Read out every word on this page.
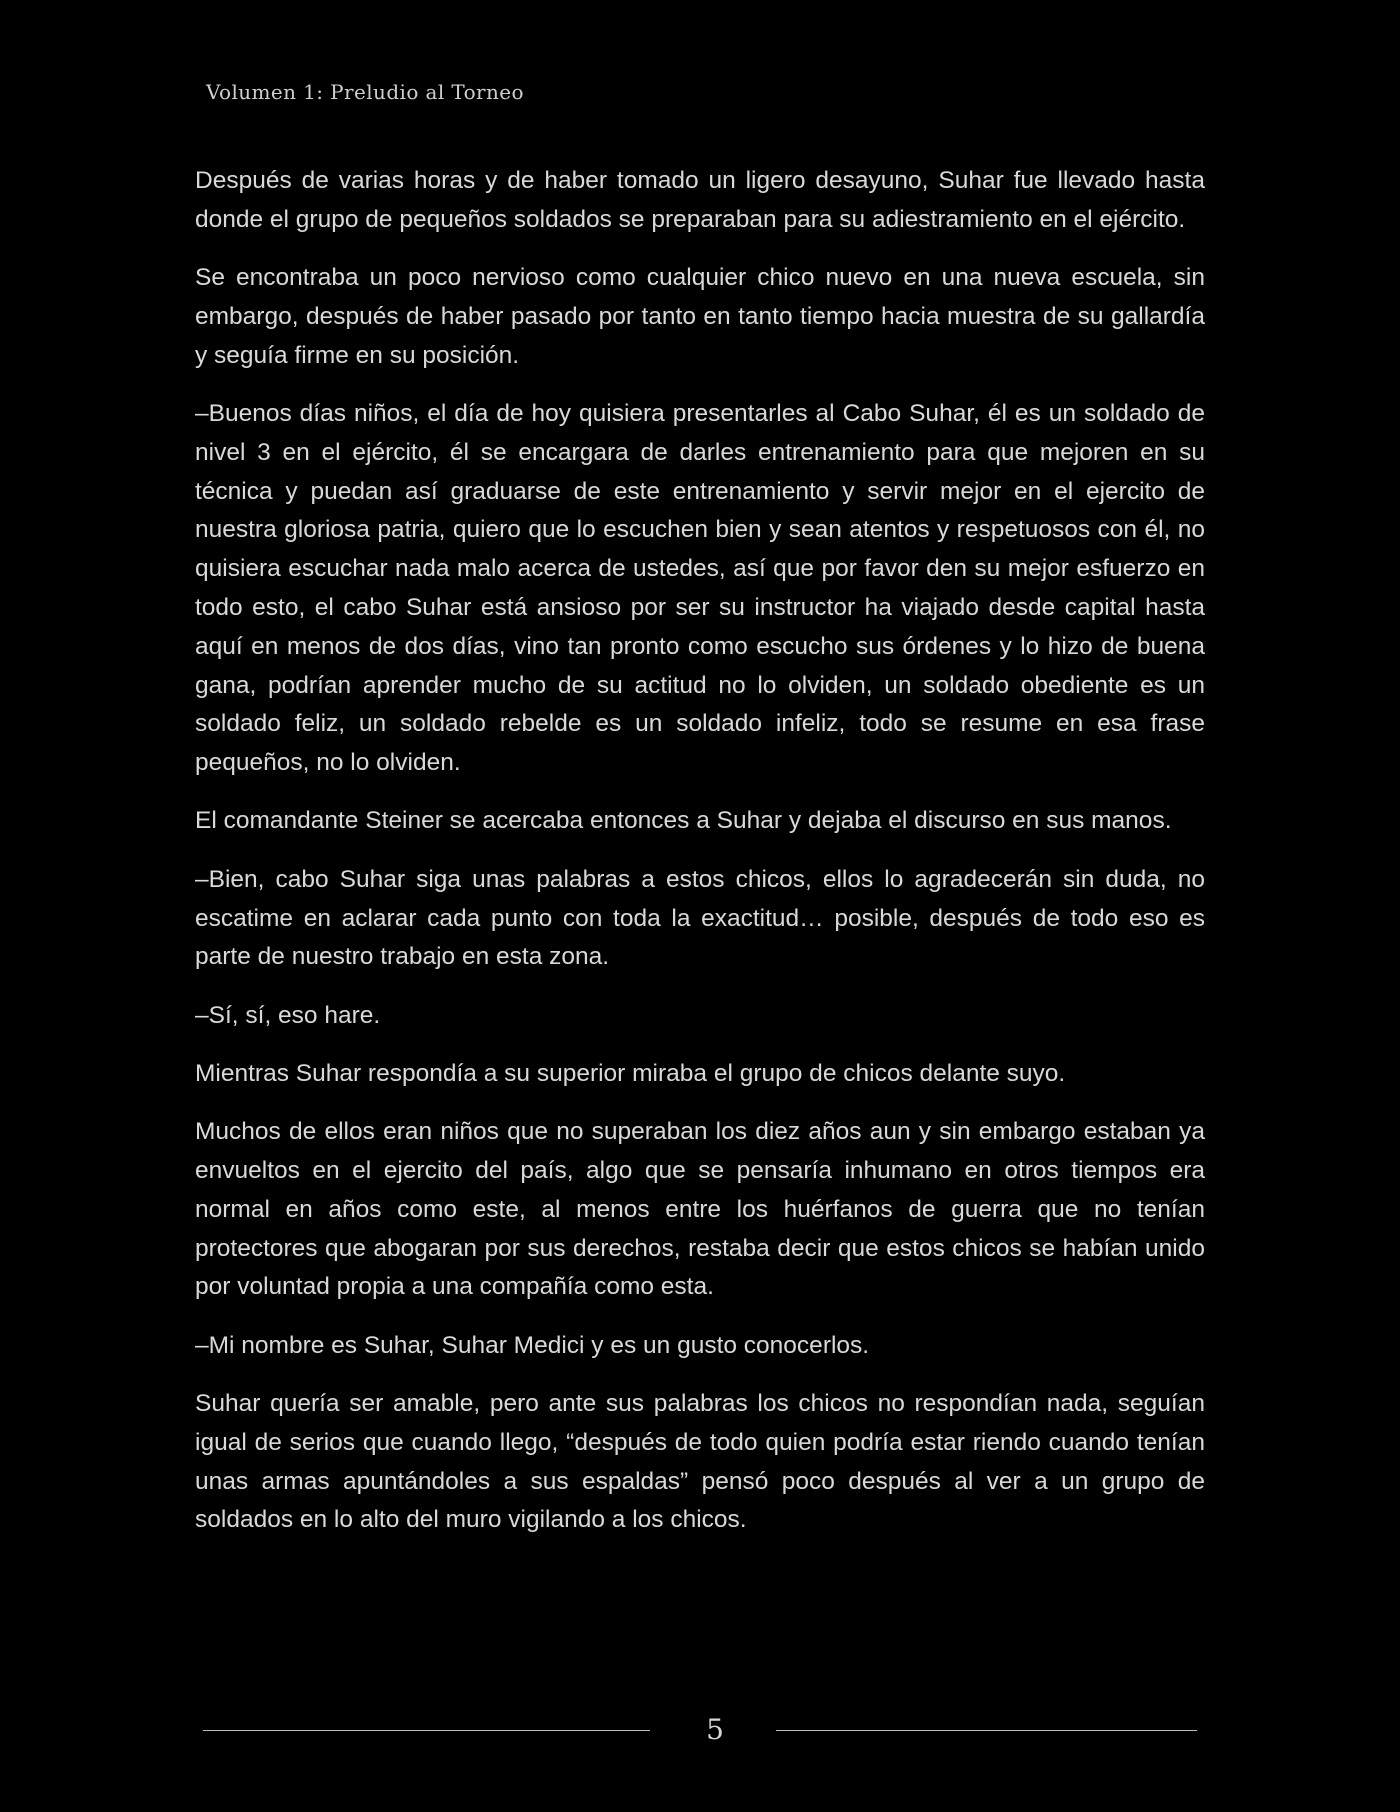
Volumen 1: Preludio al Torneo

Después de varias horas y de haber tomado un ligero desayuno, Suhar fue llevado hasta donde el grupo de pequeños soldados se preparaban para su adiestramiento en el ejército.

Se encontraba un poco nervioso como cualquier chico nuevo en una nueva escuela, sin embargo, después de haber pasado por tanto en tanto tiempo hacia muestra de su gallardía y seguía firme en su posición.

–Buenos días niños, el día de hoy quisiera presentarles al Cabo Suhar, él es un soldado de nivel 3 en el ejército, él se encargara de darles entrenamiento para que mejoren en su técnica y puedan así graduarse de este entrenamiento y servir mejor en el ejercito de nuestra gloriosa patria, quiero que lo escuchen bien y sean atentos y respetuosos con él, no quisiera escuchar nada malo acerca de ustedes, así que por favor den su mejor esfuerzo en todo esto, el cabo Suhar está ansioso por ser su instructor ha viajado desde capital hasta aquí en menos de dos días, vino tan pronto como escucho sus órdenes y lo hizo de buena gana, podrían aprender mucho de su actitud no lo olviden, un soldado obediente es un soldado feliz, un soldado rebelde es un soldado infeliz, todo se resume en esa frase pequeños, no lo olviden.

El comandante Steiner se acercaba entonces a Suhar y dejaba el discurso en sus manos.

–Bien, cabo Suhar siga unas palabras a estos chicos, ellos lo agradecerán sin duda, no escatime en aclarar cada punto con toda la exactitud… posible, después de todo eso es parte de nuestro trabajo en esta zona.

–Sí, sí, eso hare.

Mientras Suhar respondía a su superior miraba el grupo de chicos delante suyo.

Muchos de ellos eran niños que no superaban los diez años aun y sin embargo estaban ya envueltos en el ejercito del país, algo que se pensaría inhumano en otros tiempos era normal en años como este, al menos entre los huérfanos de guerra que no tenían protectores que abogaran por sus derechos, restaba decir que estos chicos se habían unido por voluntad propia a una compañía como esta.

–Mi nombre es Suhar, Suhar Medici y es un gusto conocerlos.

Suhar quería ser amable, pero ante sus palabras los chicos no respondían nada, seguían igual de serios que cuando llego, “después de todo quien podría estar riendo cuando tenían unas armas apuntándoles a sus espaldas” pensó poco después al ver a un grupo de soldados en lo alto del muro vigilando a los chicos.

5
